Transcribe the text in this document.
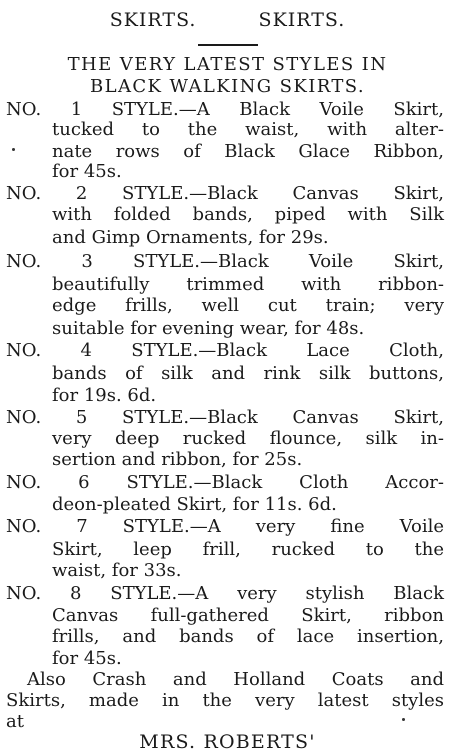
SKIRTS.	SKIRTS.
THE VERY LATEST STYLES IN
BLACK WALKING SKIRTS.
NO. 1 STYLE.—A Black Voile Skirt,
tucked to the waist, with alter-
nate rows of Black Glace Ribbon,
for 45s.
NO. 2 STYLE.—Black Canvas Skirt,
with folded bands, piped with Silk
and Gimp Ornaments, for 29s.
NO. 3 STYLE.—Black Voile Skirt,
beautifully trimmed with ribbon-
edge frills, well cut train; very
suitable for evening wear, for 48s.
NO. 4 STYLE.—Black Lace Cloth,
bands of silk and rink silk buttons,
for 19s. 6d.
NO. 5 STYLE.—Black Canvas Skirt,
very deep rucked flounce, silk in-
sertion and ribbon, for 25s.
NO. 6 STYLE.—Black Cloth Accor-
deon-pleated Skirt, for 11s. 6d.
NO. 7 STYLE.—A very fine Voile
Skirt, leep frill, rucked to the
waist, for 33s.
NO. 8 STYLE.—A very stylish Black
Canvas full-gathered Skirt, ribbon
frills, and bands of lace insertion,
for 45s.
Also Crash and Holland Coats and
Skirts, made in the very latest styles
at
MRS. ROBERTS'
